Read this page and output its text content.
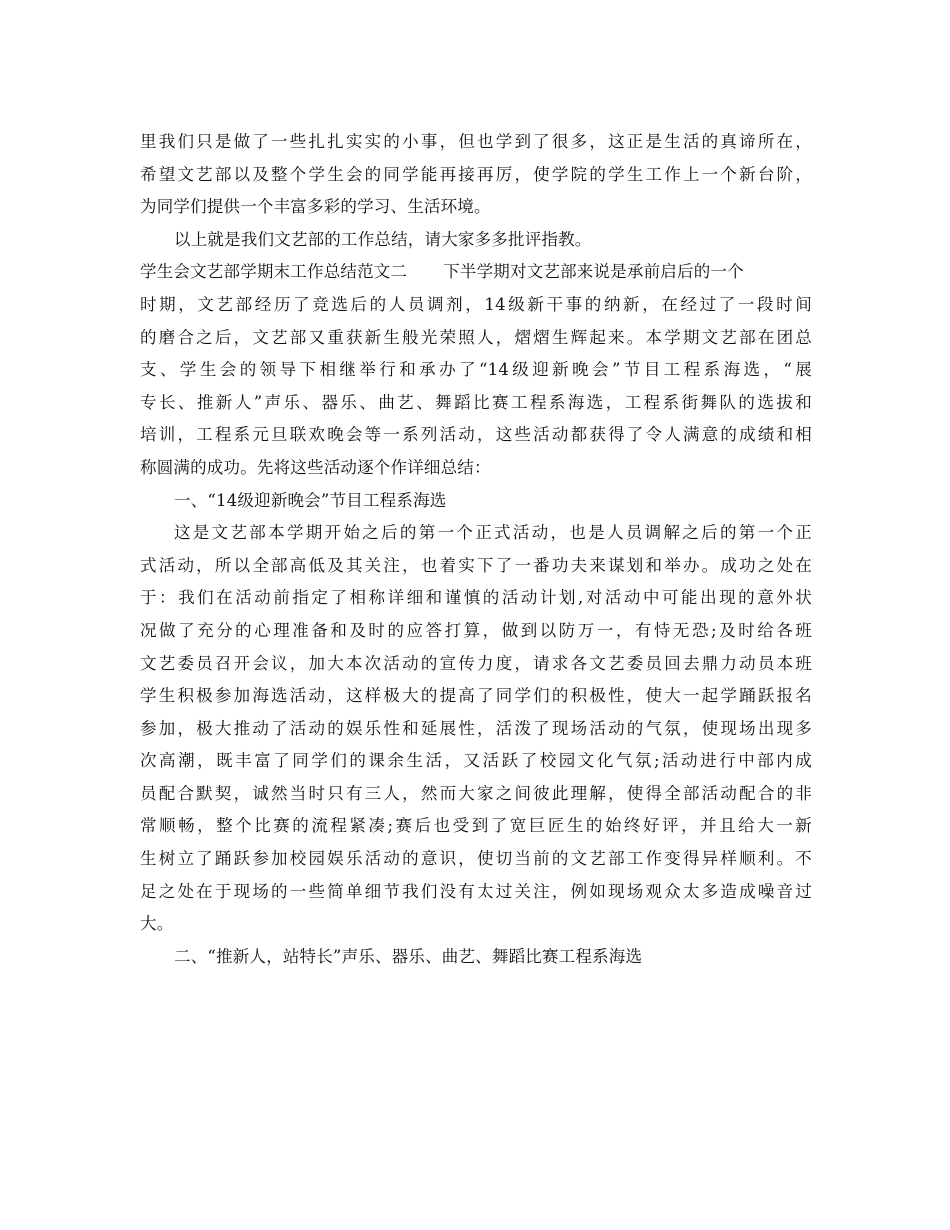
里我们只是做了一些扎扎实实的小事，但也学到了很多，这正是生活的真谛所在，
希望文艺部以及整个学生会的同学能再接再厉，使学院的学生工作上一个新台阶，
为同学们提供一个丰富多彩的学习、生活环境。
以上就是我们文艺部的工作总结，请大家多多批评指教。
学生会文艺部学期末工作总结范文二 下半学期对文艺部来说是承前启后的一个
时期，文艺部经历了竞选后的人员调剂，14级新干事的纳新，在经过了一段时间
的磨合之后，文艺部又重获新生般光荣照人，熠熠生辉起来。本学期文艺部在团总
支、学生会的领导下相继举行和承办了“14级迎新晚会”节目工程系海选，“展
专长、推新人”声乐、器乐、曲艺、舞蹈比赛工程系海选，工程系街舞队的选拔和
培训，工程系元旦联欢晚会等一系列活动，这些活动都获得了令人满意的成绩和相
称圆满的成功。先将这些活动逐个作详细总结：
一、“14级迎新晚会”节目工程系海选
这是文艺部本学期开始之后的第一个正式活动，也是人员调解之后的第一个正
式活动，所以全部高低及其关注，也着实下了一番功夫来谋划和举办。成功之处在
于：我们在活动前指定了相称详细和谨慎的活动计划,对活动中可能出现的意外状
况做了充分的心理准备和及时的应答打算，做到以防万一，有恃无恐;及时给各班
文艺委员召开会议，加大本次活动的宣传力度，请求各文艺委员回去鼎力动员本班
学生积极参加海选活动，这样极大的提高了同学们的积极性，使大一起学踊跃报名
参加，极大推动了活动的娱乐性和延展性，活泼了现场活动的气氛，使现场出现多
次高潮，既丰富了同学们的课余生活，又活跃了校园文化气氛;活动进行中部内成
员配合默契，诚然当时只有三人，然而大家之间彼此理解，使得全部活动配合的非
常顺畅，整个比赛的流程紧凑;赛后也受到了宽巨匠生的始终好评，并且给大一新
生树立了踊跃参加校园娱乐活动的意识，使切当前的文艺部工作变得异样顺利。不
足之处在于现场的一些简单细节我们没有太过关注，例如现场观众太多造成噪音过
大。
二、“推新人，站特长”声乐、器乐、曲艺、舞蹈比赛工程系海选
